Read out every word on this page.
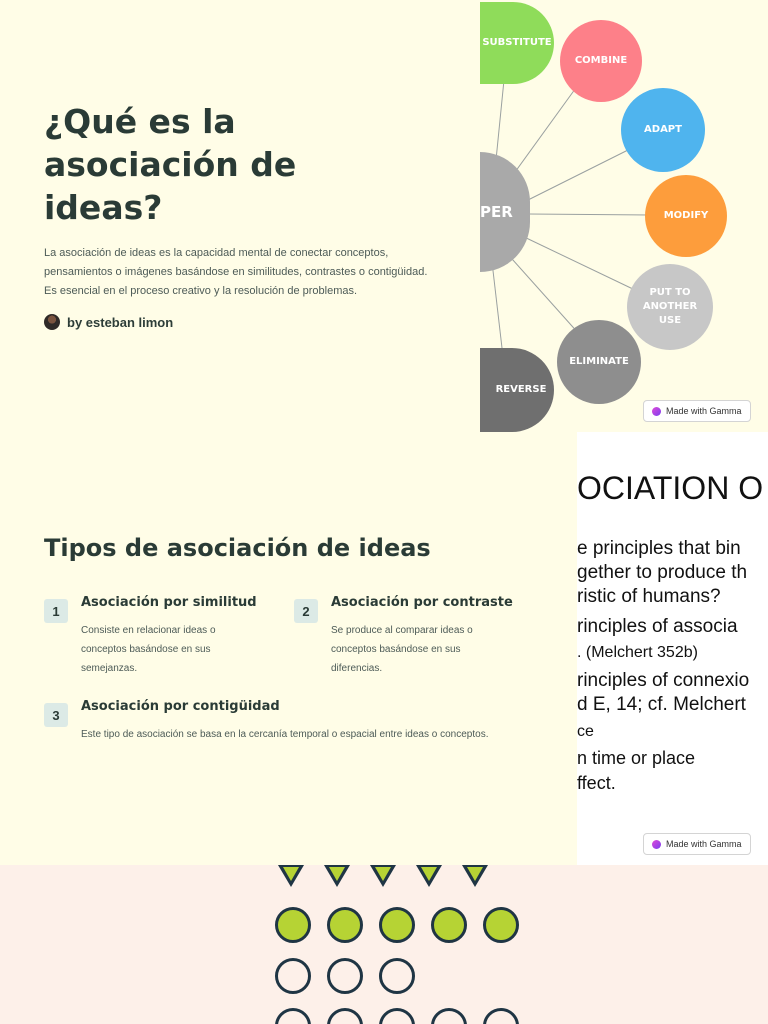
¿Qué es la asociación de ideas?

La asociación de ideas es la capacidad mental de conectar conceptos, pensamientos o imágenes basándose en similitudes, contrastes o contigüidad. Es esencial en el proceso creativo y la resolución de problemas.

by esteban limon
PER
SUBSTITUTE
COMBINE
ADAPT
MODIFY
PUT TO ANOTHER USE
ELIMINATE
REVERSE
Made with Gamma
Tipos de asociación de ideas
1
Asociación por similitud

Consiste en relacionar ideas o conceptos basándose en sus semejanzas.

2
Asociación por contraste

Se produce al comparar ideas o conceptos basándose en sus diferencias.

3
Asociación por contigüidad

Este tipo de asociación se basa en la cercanía temporal o espacial entre ideas o conceptos.

OCIATION O
e principles that bin
gether to produce th
ristic of humans?
rinciples of associa
. (Melchert 352b)
rinciples of connexio
d E, 14; cf. Melchert
ce
n time or place
ffect.
Made with Gamma
